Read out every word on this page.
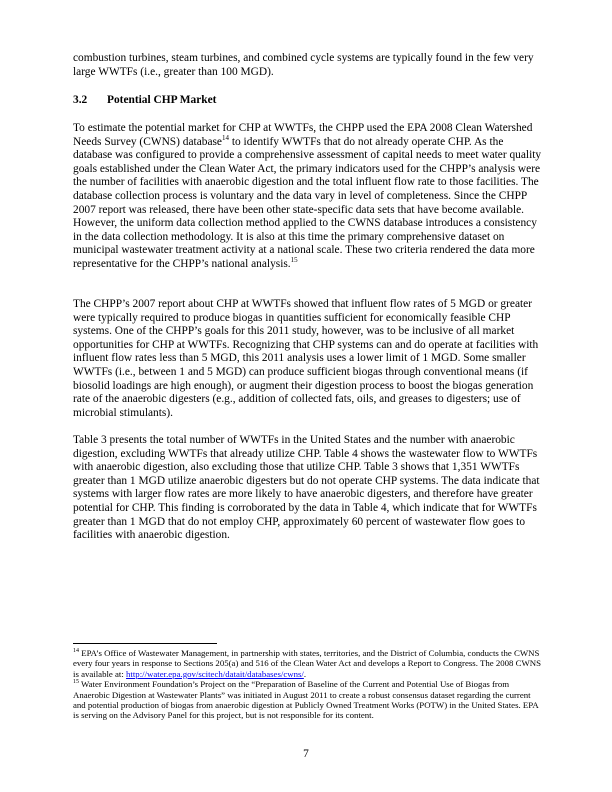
combustion turbines, steam turbines, and combined cycle systems are typically found in the few very large WWTFs (i.e., greater than 100 MGD).

3.2 Potential CHP Market

To estimate the potential market for CHP at WWTFs, the CHPP used the EPA 2008 Clean Watershed Needs Survey (CWNS) database$^{14}$ to identify WWTFs that do not already operate CHP. As the database was configured to provide a comprehensive assessment of capital needs to meet water quality goals established under the Clean Water Act, the primary indicators used for the CHPP’s analysis were the number of facilities with anaerobic digestion and the total influent flow rate to those facilities. The database collection process is voluntary and the data vary in level of completeness. Since the CHPP 2007 report was released, there have been other state-specific data sets that have become available. However, the uniform data collection method applied to the CWNS database introduces a consistency in the data collection methodology. It is also at this time the primary comprehensive dataset on municipal wastewater treatment activity at a national scale. These two criteria rendered the data more representative for the CHPP’s national analysis.$^{15}$

The CHPP’s 2007 report about CHP at WWTFs showed that influent flow rates of 5 MGD or greater were typically required to produce biogas in quantities sufficient for economically feasible CHP systems. One of the CHPP’s goals for this 2011 study, however, was to be inclusive of all market opportunities for CHP at WWTFs. Recognizing that CHP systems can and do operate at facilities with influent flow rates less than 5 MGD, this 2011 analysis uses a lower limit of 1 MGD. Some smaller WWTFs (i.e., between 1 and 5 MGD) can produce sufficient biogas through conventional means (if biosolid loadings are high enough), or augment their digestion process to boost the biogas generation rate of the anaerobic digesters (e.g., addition of collected fats, oils, and greases to digesters; use of microbial stimulants).

Table 3 presents the total number of WWTFs in the United States and the number with anaerobic digestion, excluding WWTFs that already utilize CHP. Table 4 shows the wastewater flow to WWTFs with anaerobic digestion, also excluding those that utilize CHP. Table 3 shows that 1,351 WWTFs greater than 1 MGD utilize anaerobic digesters but do not operate CHP systems. The data indicate that systems with larger flow rates are more likely to have anaerobic digesters, and therefore have greater potential for CHP. This finding is corroborated by the data in Table 4, which indicate that for WWTFs greater than 1 MGD that do not employ CHP, approximately 60 percent of wastewater flow goes to facilities with anaerobic digestion.

$^{14}$ EPA’s Office of Wastewater Management, in partnership with states, territories, and the District of Columbia, conducts the CWNS every four years in response to Sections 205(a) and 516 of the Clean Water Act and develops a Report to Congress. The 2008 CWNS is available at: http://water.epa.gov/scitech/datait/databases/cwns/.

$^{15}$ Water Environment Foundation’s Project on the “Preparation of Baseline of the Current and Potential Use of Biogas from Anaerobic Digestion at Wastewater Plants” was initiated in August 2011 to create a robust consensus dataset regarding the current and potential production of biogas from anaerobic digestion at Publicly Owned Treatment Works (POTW) in the United States. EPA is serving on the Advisory Panel for this project, but is not responsible for its content.

7
